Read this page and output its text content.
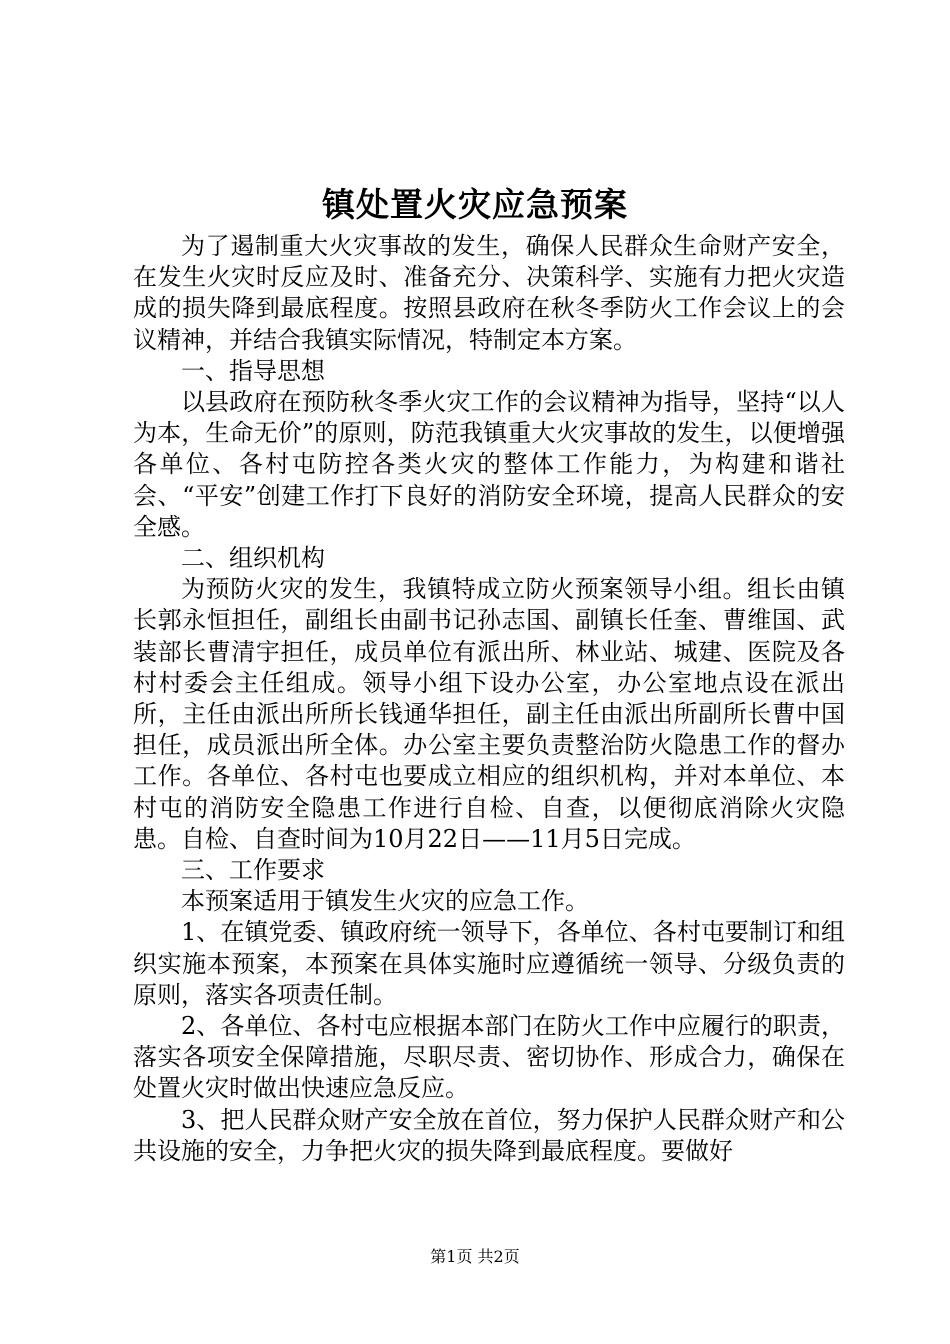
镇处置火灾应急预案

为了遏制重大火灾事故的发生，确保人民群众生命财产安全，在发生火灾时反应及时、准备充分、决策科学、实施有力把火灾造成的损失降到最底程度。按照县政府在秋冬季防火工作会议上的会议精神，并结合我镇实际情况，特制定本方案。

一、指导思想

以县政府在预防秋冬季火灾工作的会议精神为指导，坚持“以人为本，生命无价”的原则，防范我镇重大火灾事故的发生，以便增强各单位、各村屯防控各类火灾的整体工作能力，为构建和谐社会、“平安”创建工作打下良好的消防安全环境，提高人民群众的安全感。

二、组织机构

为预防火灾的发生，我镇特成立防火预案领导小组。组长由镇长郭永恒担任，副组长由副书记孙志国、副镇长任奎、曹维国、武装部长曹清宇担任，成员单位有派出所、林业站、城建、医院及各村村委会主任组成。领导小组下设办公室，办公室地点设在派出所，主任由派出所所长钱通华担任，副主任由派出所副所长曹中国担任，成员派出所全体。办公室主要负责整治防火隐患工作的督办工作。各单位、各村屯也要成立相应的组织机构，并对本单位、本村屯的消防安全隐患工作进行自检、自查，以便彻底消除火灾隐患。自检、自查时间为10月22日——11月5日完成。

三、工作要求

本预案适用于镇发生火灾的应急工作。

1、在镇党委、镇政府统一领导下，各单位、各村屯要制订和组织实施本预案，本预案在具体实施时应遵循统一领导、分级负责的原则，落实各项责任制。

2、各单位、各村屯应根据本部门在防火工作中应履行的职责，落实各项安全保障措施，尽职尽责、密切协作、形成合力，确保在处置火灾时做出快速应急反应。

3、把人民群众财产安全放在首位，努力保护人民群众财产和公共设施的安全，力争把火灾的损失降到最底程度。要做好

第1页 共2页
